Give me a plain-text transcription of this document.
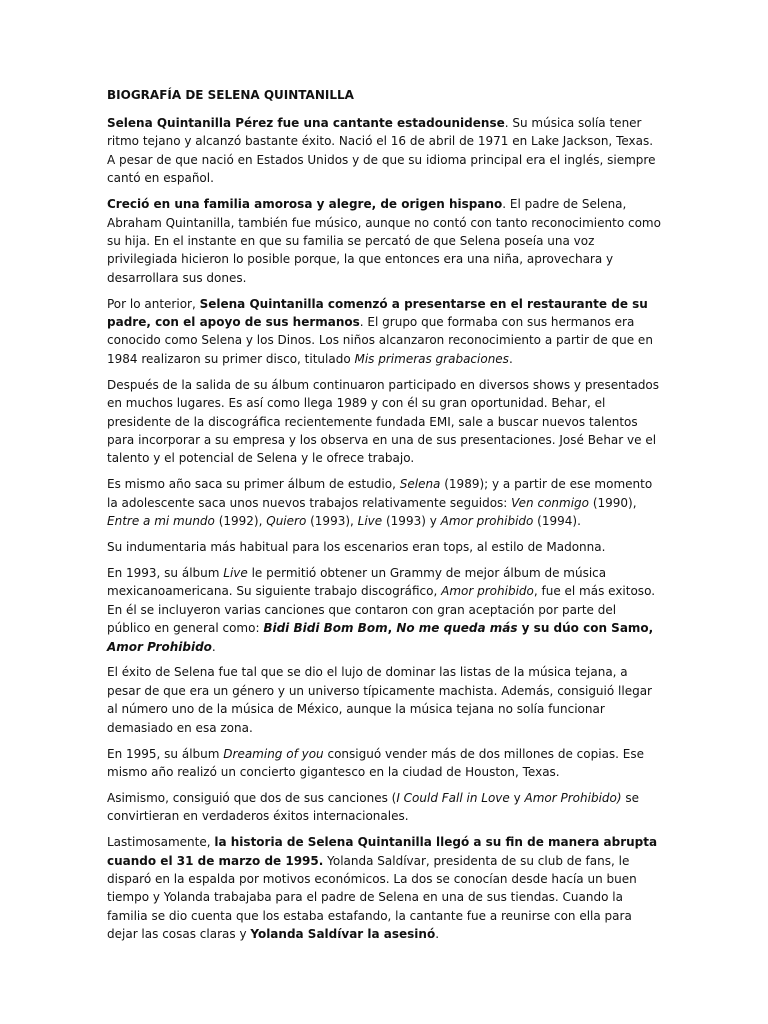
BIOGRAFÍA DE SELENA QUINTANILLA

Selena Quintanilla Pérez fue una cantante estadounidense. Su música solía tener ritmo tejano y alcanzó bastante éxito. Nació el 16 de abril de 1971 en Lake Jackson, Texas. A pesar de que nació en Estados Unidos y de que su idioma principal era el inglés, siempre cantó en español.

Creció en una familia amorosa y alegre, de origen hispano. El padre de Selena, Abraham Quintanilla, también fue músico, aunque no contó con tanto reconocimiento como su hija. En el instante en que su familia se percató de que Selena poseía una voz privilegiada hicieron lo posible porque, la que entonces era una niña, aprovechara y desarrollara sus dones.

Por lo anterior, Selena Quintanilla comenzó a presentarse en el restaurante de su padre, con el apoyo de sus hermanos. El grupo que formaba con sus hermanos era conocido como Selena y los Dinos. Los niños alcanzaron reconocimiento a partir de que en 1984 realizaron su primer disco, titulado Mis primeras grabaciones.

Después de la salida de su álbum continuaron participado en diversos shows y presentados en muchos lugares. Es así como llega 1989 y con él su gran oportunidad. Behar, el presidente de la discográfica recientemente fundada EMI, sale a buscar nuevos talentos para incorporar a su empresa y los observa en una de sus presentaciones. José Behar ve el talento y el potencial de Selena y le ofrece trabajo.

Es mismo año saca su primer álbum de estudio, Selena (1989); y a partir de ese momento la adolescente saca unos nuevos trabajos relativamente seguidos: Ven conmigo (1990), Entre a mi mundo (1992), Quiero (1993), Live (1993) y Amor prohibido (1994).

Su indumentaria más habitual para los escenarios eran tops, al estilo de Madonna.

En 1993, su álbum Live le permitió obtener un Grammy de mejor álbum de música mexicanoamericana. Su siguiente trabajo discográfico, Amor prohibido, fue el más exitoso. En él se incluyeron varias canciones que contaron con gran aceptación por parte del público en general como: Bidi Bidi Bom Bom, No me queda más y su dúo con Samo, Amor Prohibido.

El éxito de Selena fue tal que se dio el lujo de dominar las listas de la música tejana, a pesar de que era un género y un universo típicamente machista. Además, consiguió llegar al número uno de la música de México, aunque la música tejana no solía funcionar demasiado en esa zona.

En 1995, su álbum Dreaming of you consiguó vender más de dos millones de copias. Ese mismo año realizó un concierto gigantesco en la ciudad de Houston, Texas.

Asimismo, consiguió que dos de sus canciones (I Could Fall in Love y Amor Prohibido) se convirtieran en verdaderos éxitos internacionales.

Lastimosamente, la historia de Selena Quintanilla llegó a su fin de manera abrupta cuando el 31 de marzo de 1995. Yolanda Saldívar, presidenta de su club de fans, le disparó en la espalda por motivos económicos. La dos se conocían desde hacía un buen tiempo y Yolanda trabajaba para el padre de Selena en una de sus tiendas. Cuando la familia se dio cuenta que los estaba estafando, la cantante fue a reunirse con ella para dejar las cosas claras y Yolanda Saldívar la asesinó.
